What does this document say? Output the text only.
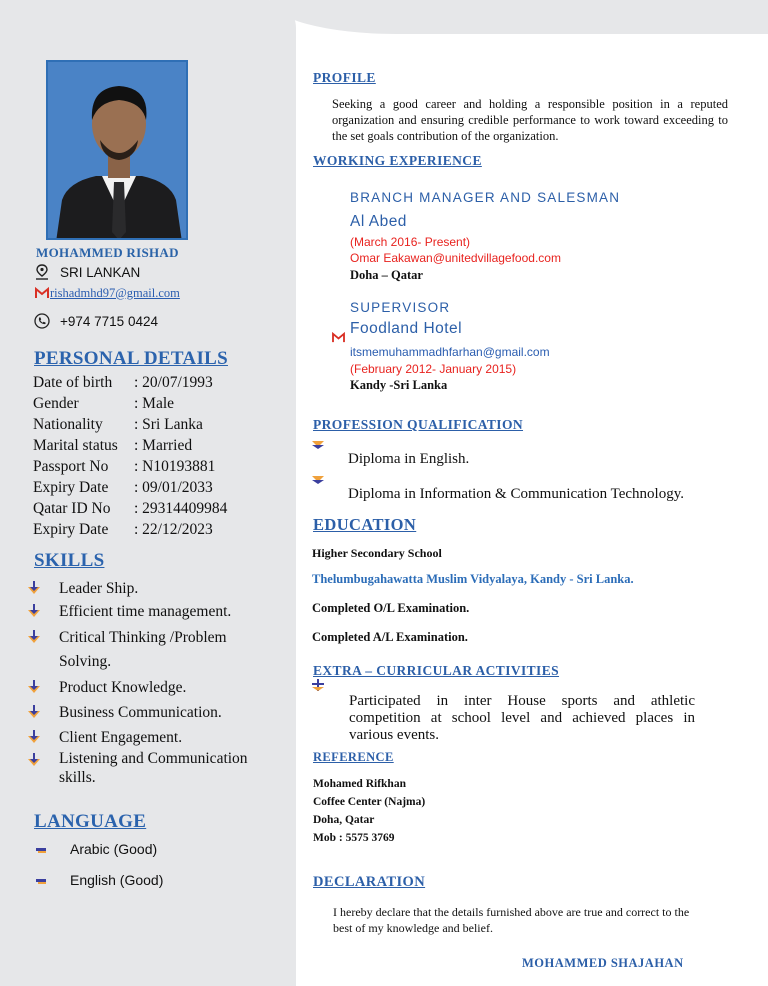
MOHAMMED RISHAD
SRI LANKAN
rishadmhd97@gmail.com
+974 7715 0424
PERSONAL DETAILS
Date of birth : 20/07/1993
Gender	: Male
Nationality : Sri Lanka
Marital status : Married
Passport No : N10193881
Expiry Date : 09/01/2033
Qatar ID No : 29314409984
Expiry Date : 22/12/2023
SKILLS
Leader Ship.
Efficient time management.
Critical Thinking /Problem Solving.
Product Knowledge.
Business Communication.
Client Engagement.
Listening and Communication skills.
LANGUAGE
Arabic (Good)
English (Good)
PROFILE
Seeking a good career and holding a responsible position in a reputed organization and ensuring credible performance to work toward exceeding to the set goals contribution of the organization.
WORKING EXPERIENCE
BRANCH MANAGER AND SALESMAN
Al Abed
(March 2016- Present)
Omar Eakawan@unitedvillagefood.com
Doha – Qatar
SUPERVISOR
Foodland Hotel
itsmemuhammadhfarhan@gmail.com
(February 2012- January 2015)
Kandy -Sri Lanka
PROFESSION QUALIFICATION
Diploma in English.
Diploma in Information & Communication Technology.
EDUCATION
Higher Secondary School
Thelumbugahawatta Muslim Vidyalaya, Kandy - Sri Lanka.
Completed O/L Examination.
Completed A/L Examination.
EXTRA – CURRICULAR ACTIVITIES
Participated in inter House sports and athletic competition at school level and achieved places in various events.
REFERENCE
Mohamed Rifkhan
Coffee Center (Najma)
Doha, Qatar
Mob : 5575 3769
DECLARATION
I hereby declare that the details furnished above are true and correct to the best of my knowledge and belief.
MOHAMMED SHAJAHAN
